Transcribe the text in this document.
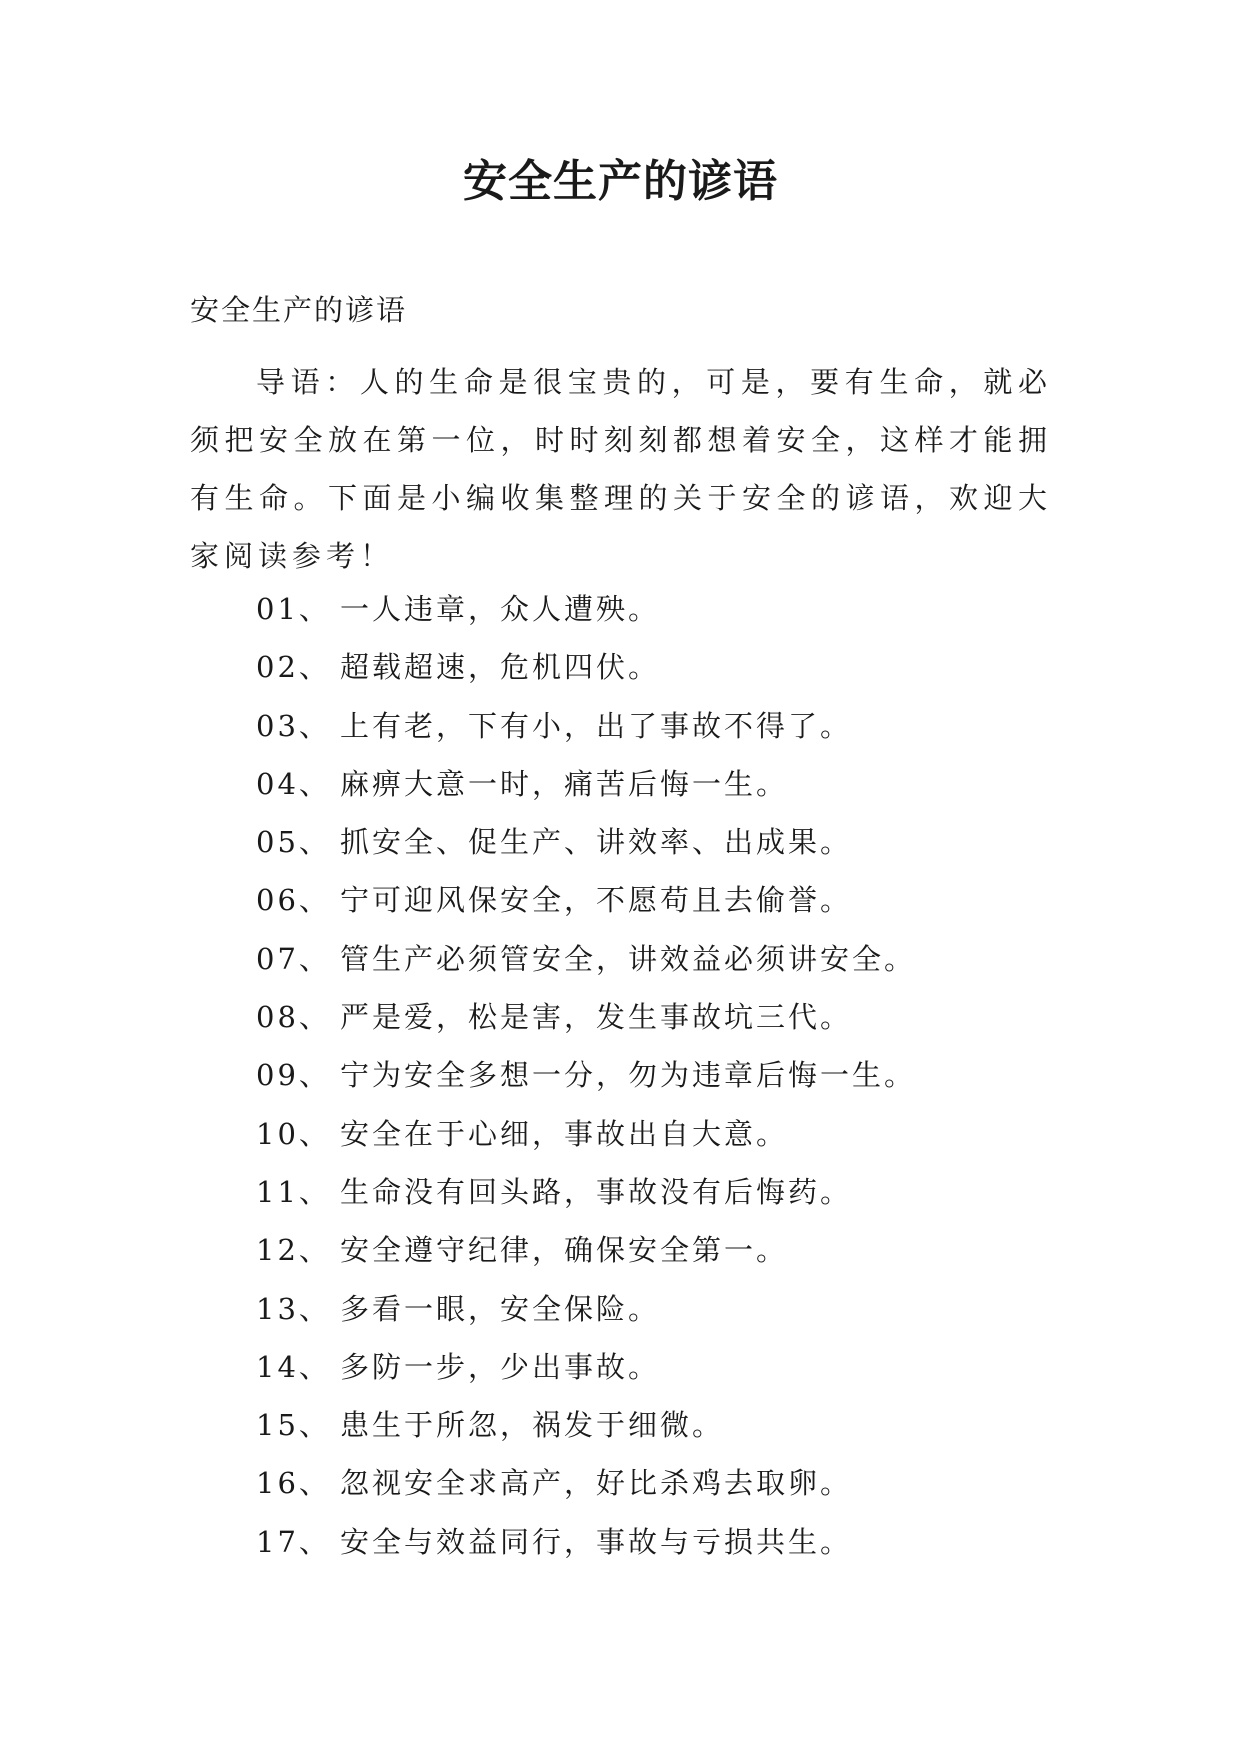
安全生产的谚语
安全生产的谚语

导语：人的生命是很宝贵的，可是，要有生命，就必须把安全放在第一位，时时刻刻都想着安全，这样才能拥有生命。下面是小编收集整理的关于安全的谚语，欢迎大家阅读参考！

01、 一人违章，众人遭殃。
02、 超载超速，危机四伏。
03、 上有老，下有小，出了事故不得了。
04、 麻痹大意一时，痛苦后悔一生。
05、 抓安全、促生产、讲效率、出成果。
06、 宁可迎风保安全，不愿苟且去偷誉。
07、 管生产必须管安全，讲效益必须讲安全。
08、 严是爱，松是害，发生事故坑三代。
09、 宁为安全多想一分，勿为违章后悔一生。
10、 安全在于心细，事故出自大意。
11、 生命没有回头路，事故没有后悔药。
12、 安全遵守纪律，确保安全第一。
13、 多看一眼，安全保险。
14、 多防一步，少出事故。
15、 患生于所忽，祸发于细微。
16、 忽视安全求高产，好比杀鸡去取卵。
17、 安全与效益同行，事故与亏损共生。
